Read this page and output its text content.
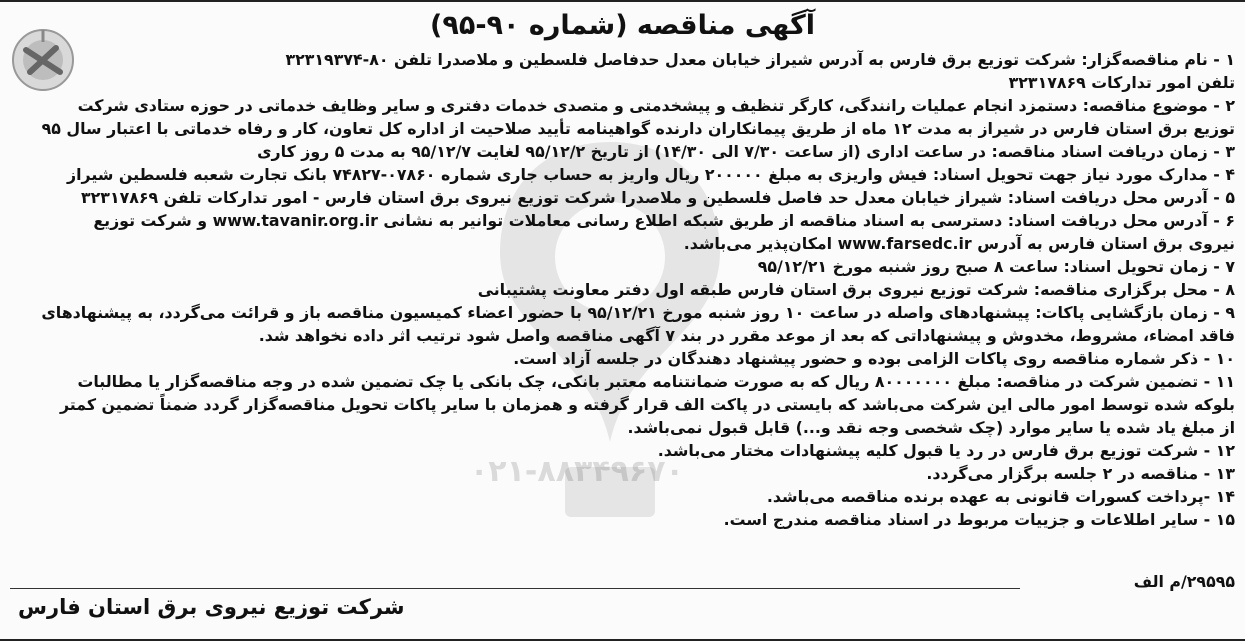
آگهی مناقصه (شماره ۹۰-۹۵)
۱ - نام مناقصه‌گزار: شرکت توزیع برق فارس به آدرس شیراز خیابان معدل حدفاصل فلسطین و ملاصدرا تلفن ۸۰-۳۲۳۱۹۳۷۴
تلفن امور تدارکات ۳۲۳۱۷۸۶۹
۲ - موضوع مناقصه: دستمزد انجام عملیات رانندگی، کارگر تنظیف و پیشخدمتی و متصدی خدمات دفتری و سایر وظایف خدماتی در حوزه ستادی شرکت
توزیع برق استان فارس در شیراز به مدت ۱۲ ماه از طریق پیمانکاران دارنده گواهینامه تأیید صلاحیت از اداره کل تعاون، کار و رفاه خدماتی با اعتبار سال ۹۵
۳ - زمان دریافت اسناد مناقصه: در ساعت اداری (از ساعت ۷/۳۰ الی ۱۴/۳۰) از تاریخ ۹۵/۱۲/۲ لغایت ۹۵/۱۲/۷ به مدت ۵ روز کاری
۴ - مدارک مورد نیاز جهت تحویل اسناد: فیش واریزی به مبلغ ۲۰۰۰۰۰ ریال واریز به حساب جاری شماره ۰۷۸۶۰-۷۴۸۲۷ بانک تجارت شعبه فلسطین شیراز
۵ - آدرس محل دریافت اسناد: شیراز خیابان معدل حد فاصل فلسطین و ملاصدرا شرکت توزیع نیروی برق استان فارس - امور تدارکات تلفن ۳۲۳۱۷۸۶۹
۶ - آدرس محل دریافت اسناد: دسترسی به اسناد مناقصه از طریق شبکه اطلاع رسانی معاملات توانیر به نشانی www.tavanir.org.ir و شرکت توزیع
نیروی برق استان فارس به آدرس www.farsedc.ir امکان‌پذیر می‌باشد.
۷ - زمان تحویل اسناد: ساعت ۸ صبح روز شنبه مورخ ۹۵/۱۲/۲۱
۸ - محل برگزاری مناقصه: شرکت توزیع نیروی برق استان فارس طبقه اول دفتر معاونت پشتیبانی
۹ - زمان بازگشایی پاکات: پیشنهادهای واصله در ساعت ۱۰ روز شنبه مورخ ۹۵/۱۲/۲۱ با حضور اعضاء کمیسیون مناقصه باز و قرائت می‌گردد، به پیشنهادهای
فاقد امضاء، مشروط، مخدوش و پیشنهاداتی که بعد از موعد مقرر در بند ۷ آگهی مناقصه واصل شود ترتیب اثر داده نخواهد شد.
۱۰ - ذکر شماره مناقصه روی پاکات الزامی بوده و حضور پیشنهاد دهندگان در جلسه آزاد است.
۱۱ - تضمین شرکت در مناقصه: مبلغ ۸۰۰۰۰۰۰۰ ریال که به صورت ضمانتنامه معتبر بانکی، چک بانکی یا چک تضمین شده در وجه مناقصه‌گزار یا مطالبات
بلوکه شده توسط امور مالی این شرکت می‌باشد که بایستی در پاکت الف قرار گرفته و همزمان با سایر پاکات تحویل مناقصه‌گزار گردد ضمناً تضمین کمتر
از مبلغ یاد شده یا سایر موارد (چک شخصی وجه نقد و...) قابل قبول نمی‌باشد.
۱۲ - شرکت توزیع برق فارس در رد یا قبول کلیه پیشنهادات مختار می‌باشد.
۱۳ - مناقصه در ۲ جلسه برگزار می‌گردد.
۱۴ -پرداخت کسورات قانونی به عهده برنده مناقصه می‌باشد.
۱۵ - سایر اطلاعات و جزییات مربوط در اسناد مناقصه مندرج است.
۲۹۵۹۵/م الف
شرکت توزیع نیروی برق استان فارس
۰۲۱-۸۸۳۴۹۶۷۰
